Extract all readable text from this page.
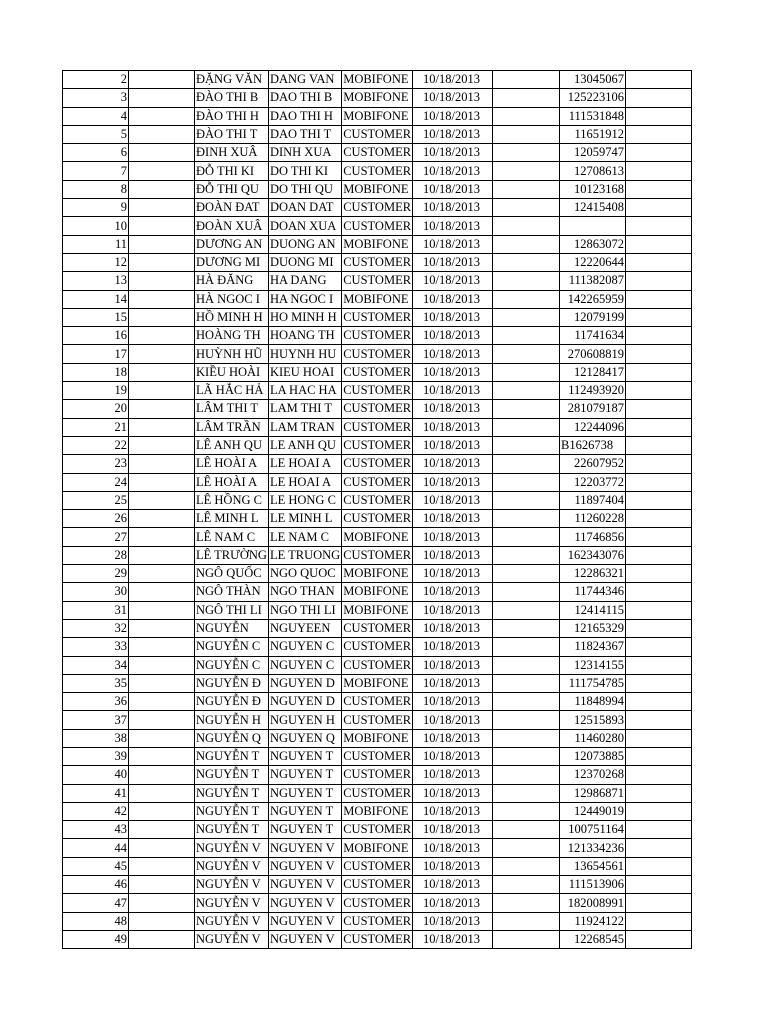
2		ĐẶNG VĂN	DANG VAN	MOBIFONE	10/18/2013		13045067	
3		ĐÀO THI B	DAO THI B	MOBIFONE	10/18/2013		125223106	
4		ĐÀO THI H	DAO THI H	MOBIFONE	10/18/2013		111531848	
5		ĐÀO THI T	DAO THI T	CUSTOMER	10/18/2013		11651912	
6		ĐINH XUÂ	DINH XUA	CUSTOMER	10/18/2013		12059747	
7		ĐỖ THI KI	DO THI KI	CUSTOMER	10/18/2013		12708613	
8		ĐỖ THI QU	DO THI QU	MOBIFONE	10/18/2013		10123168	
9		ĐOÀN ĐAT	DOAN DAT	CUSTOMER	10/18/2013		12415408	
10		ĐOÀN XUÂ	DOAN XUA	CUSTOMER	10/18/2013			
11		DƯƠNG AN	DUONG AN	MOBIFONE	10/18/2013		12863072	
12		DƯƠNG MI	DUONG MI	CUSTOMER	10/18/2013		12220644	
13		HÀ ĐĂNG	HA DANG	CUSTOMER	10/18/2013		111382087	
14		HÀ NGOC I	HA NGOC I	MOBIFONE	10/18/2013		142265959	
15		HỒ MINH H	HO MINH H	CUSTOMER	10/18/2013		12079199	
16		HOÀNG TH	HOANG TH	CUSTOMER	10/18/2013		11741634	
17		HUỲNH HŨ	HUYNH HU	CUSTOMER	10/18/2013		270608819	
18		KIỀU HOÀI	KIEU HOAI	CUSTOMER	10/18/2013		12128417	
19		LÃ HẮC HẢ	LA HAC HA	CUSTOMER	10/18/2013		112493920	
20		LÂM THI T	LAM THI T	CUSTOMER	10/18/2013		281079187	
21		LÂM TRẦN	LAM TRAN	CUSTOMER	10/18/2013		12244096	
22		LÊ ANH QU	LE ANH QU	CUSTOMER	10/18/2013		B1626738	
23		LÊ HOÀI A	LE HOAI A	CUSTOMER	10/18/2013		22607952	
24		LÊ HOÀI A	LE HOAI A	CUSTOMER	10/18/2013		12203772	
25		LÊ HỒNG C	LE HONG C	CUSTOMER	10/18/2013		11897404	
26		LÊ MINH L	LE MINH L	CUSTOMER	10/18/2013		11260228	
27		LÊ NAM C	LE NAM C	MOBIFONE	10/18/2013		11746856	
28		LÊ TRƯỜNG	LE TRUONG	CUSTOMER	10/18/2013		162343076	
29		NGÔ QUỐC	NGO QUOC	MOBIFONE	10/18/2013		12286321	
30		NGÔ THÀN	NGO THAN	MOBIFONE	10/18/2013		11744346	
31		NGÔ THI LI	NGO THI LI	MOBIFONE	10/18/2013		12414115	
32		NGUYỄN	NGUYEEN	CUSTOMER	10/18/2013		12165329	
33		NGUYỄN C	NGUYEN C	CUSTOMER	10/18/2013		11824367	
34		NGUYỄN C	NGUYEN C	CUSTOMER	10/18/2013		12314155	
35		NGUYỄN Đ	NGUYEN D	MOBIFONE	10/18/2013		111754785	
36		NGUYỄN Đ	NGUYEN D	CUSTOMER	10/18/2013		11848994	
37		NGUYỄN H	NGUYEN H	CUSTOMER	10/18/2013		12515893	
38		NGUYỄN Q	NGUYEN Q	MOBIFONE	10/18/2013		11460280	
39		NGUYỄN T	NGUYEN T	CUSTOMER	10/18/2013		12073885	
40		NGUYỄN T	NGUYEN T	CUSTOMER	10/18/2013		12370268	
41		NGUYỄN T	NGUYEN T	CUSTOMER	10/18/2013		12986871	
42		NGUYỄN T	NGUYEN T	MOBIFONE	10/18/2013		12449019	
43		NGUYỄN T	NGUYEN T	CUSTOMER	10/18/2013		100751164	
44		NGUYỄN V	NGUYEN V	MOBIFONE	10/18/2013		121334236	
45		NGUYỄN V	NGUYEN V	CUSTOMER	10/18/2013		13654561	
46		NGUYỄN V	NGUYEN V	CUSTOMER	10/18/2013		111513906	
47		NGUYỄN V	NGUYEN V	CUSTOMER	10/18/2013		182008991	
48		NGUYỄN V	NGUYEN V	CUSTOMER	10/18/2013		11924122	
49		NGUYỄN V	NGUYEN V	CUSTOMER	10/18/2013		12268545	
